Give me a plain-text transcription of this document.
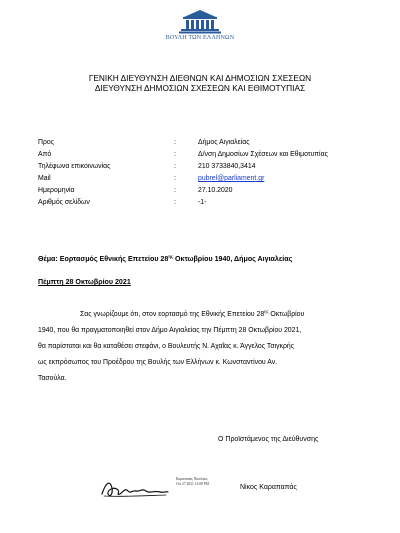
ΒΟΥΛΗ ΤΩΝ ΕΛΛΗΝΩΝ
ΓΕΝΙΚΗ ΔΙΕΥΘΥΝΣΗ ΔΙΕΘΝΩΝ ΚΑΙ ΔΗΜΟΣΙΩΝ ΣΧΕΣΕΩΝ
ΔΙΕΥΘΥΝΣΗ ΔΗΜΟΣΙΩΝ ΣΧΕΣΕΩΝ ΚΑΙ ΕΘΙΜΟΤΥΠΙΑΣ
Προς	:	Δήμος Αιγιαλείας
Από	:	Δ/νση Δημοσίων Σχέσεων και Εθιμοτυπίας
Τηλέφωνα επικοινωνίας	:	210 3733840,3414
Mail	:	pubrel@parliament.gr
Ημερομηνία	:	27.10.2020
Αριθμός σελίδων	:	-1-
Θέμα: Εορτασμός Εθνικής Επετείου $28^{\eta\varsigma}$ Οκτωβρίου 1940, Δήμος Αιγιαλείας
Πέμπτη 28 Οκτωβρίου 2021
Σας γνωρίζουμε ότι, στον εορτασμό της Εθνικής Επετείου $28^{\eta\varsigma}$ Οκτωβρίου
1940, που θα πραγματοποιηθεί στον Δήμο Αιγιαλείας την Πέμπτη 28 Οκτωβρίου 2021,
θα παρίσταται και θα καταθέσει στεφάνι, ο Βουλευτής Ν. Αχαΐας κ. Άγγελος Τσιγκρής
ως εκπρόσωπος του Προέδρου της Βουλής των Ελλήνων κ. Κωνσταντίνου Αν.
Τασούλα.
Ο Προϊστάμενος της Διεύθυνσης
Καραπαπάς Νικόλαος
Oct 27 2021 12:08 PM	Νίκος Καραπαπάς
